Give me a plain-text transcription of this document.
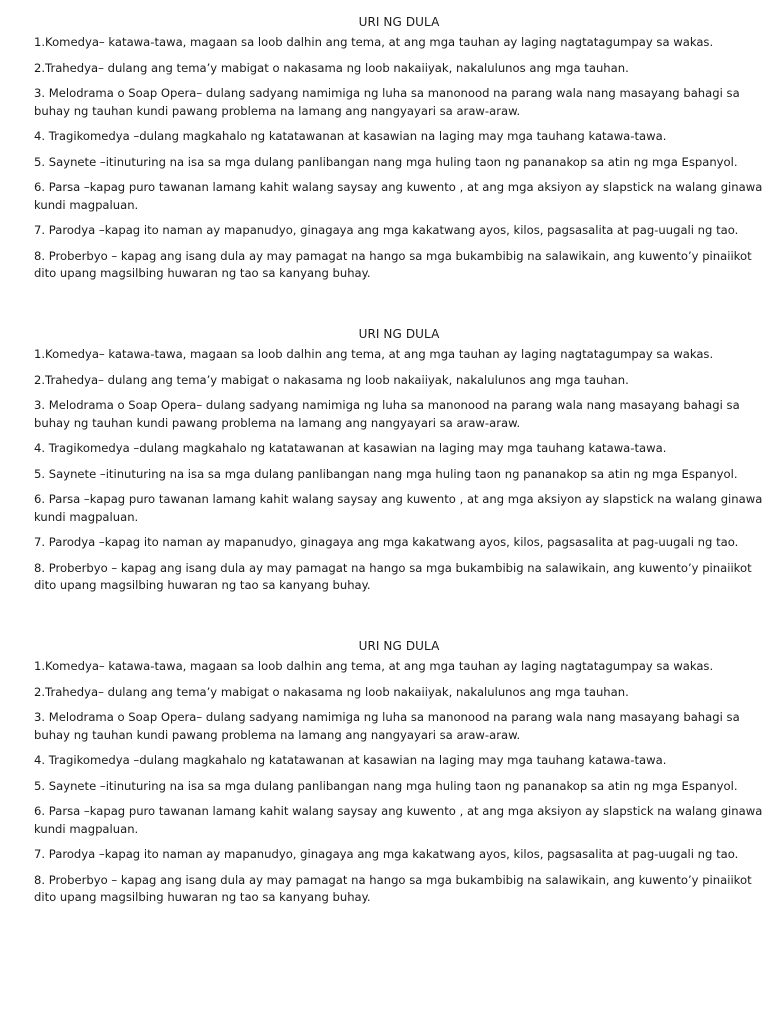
URI NG DULA

1.Komedya– katawa-tawa, magaan sa loob dalhin ang tema, at ang mga tauhan ay laging nagtatagumpay sa wakas.

2.Trahedya– dulang ang tema’y mabigat o nakasama ng loob nakaiiyak, nakalulunos ang mga tauhan.

3. Melodrama o Soap Opera– dulang sadyang namimiga ng luha sa manonood na parang wala nang masayang bahagi sa buhay ng tauhan kundi pawang problema na lamang ang nangyayari sa araw-araw.

4. Tragikomedya –dulang magkahalo ng katatawanan at kasawian na laging may mga tauhang katawa-tawa.

5. Saynete –itinuturing na isa sa mga dulang panlibangan nang mga huling taon ng pananakop sa atin ng mga Espanyol.

6. Parsa –kapag puro tawanan lamang kahit walang saysay ang kuwento , at ang mga aksiyon ay slapstick na walang ginawa kundi magpaluan.

7. Parodya –kapag ito naman ay mapanudyo, ginagaya ang mga kakatwang ayos, kilos, pagsasalita at pag-uugali ng tao.

8. Proberbyo – kapag ang isang dula ay may pamagat na hango sa mga bukambibig na salawikain, ang kuwento’y pinaiikot dito upang magsilbing huwaran ng tao sa kanyang buhay.

URI NG DULA

1.Komedya– katawa-tawa, magaan sa loob dalhin ang tema, at ang mga tauhan ay laging nagtatagumpay sa wakas.

2.Trahedya– dulang ang tema’y mabigat o nakasama ng loob nakaiiyak, nakalulunos ang mga tauhan.

3. Melodrama o Soap Opera– dulang sadyang namimiga ng luha sa manonood na parang wala nang masayang bahagi sa buhay ng tauhan kundi pawang problema na lamang ang nangyayari sa araw-araw.

4. Tragikomedya –dulang magkahalo ng katatawanan at kasawian na laging may mga tauhang katawa-tawa.

5. Saynete –itinuturing na isa sa mga dulang panlibangan nang mga huling taon ng pananakop sa atin ng mga Espanyol.

6. Parsa –kapag puro tawanan lamang kahit walang saysay ang kuwento , at ang mga aksiyon ay slapstick na walang ginawa kundi magpaluan.

7. Parodya –kapag ito naman ay mapanudyo, ginagaya ang mga kakatwang ayos, kilos, pagsasalita at pag-uugali ng tao.

8. Proberbyo – kapag ang isang dula ay may pamagat na hango sa mga bukambibig na salawikain, ang kuwento’y pinaiikot dito upang magsilbing huwaran ng tao sa kanyang buhay.

URI NG DULA

1.Komedya– katawa-tawa, magaan sa loob dalhin ang tema, at ang mga tauhan ay laging nagtatagumpay sa wakas.

2.Trahedya– dulang ang tema’y mabigat o nakasama ng loob nakaiiyak, nakalulunos ang mga tauhan.

3. Melodrama o Soap Opera– dulang sadyang namimiga ng luha sa manonood na parang wala nang masayang bahagi sa buhay ng tauhan kundi pawang problema na lamang ang nangyayari sa araw-araw.

4. Tragikomedya –dulang magkahalo ng katatawanan at kasawian na laging may mga tauhang katawa-tawa.

5. Saynete –itinuturing na isa sa mga dulang panlibangan nang mga huling taon ng pananakop sa atin ng mga Espanyol.

6. Parsa –kapag puro tawanan lamang kahit walang saysay ang kuwento , at ang mga aksiyon ay slapstick na walang ginawa kundi magpaluan.

7. Parodya –kapag ito naman ay mapanudyo, ginagaya ang mga kakatwang ayos, kilos, pagsasalita at pag-uugali ng tao.

8. Proberbyo – kapag ang isang dula ay may pamagat na hango sa mga bukambibig na salawikain, ang kuwento’y pinaiikot dito upang magsilbing huwaran ng tao sa kanyang buhay.
